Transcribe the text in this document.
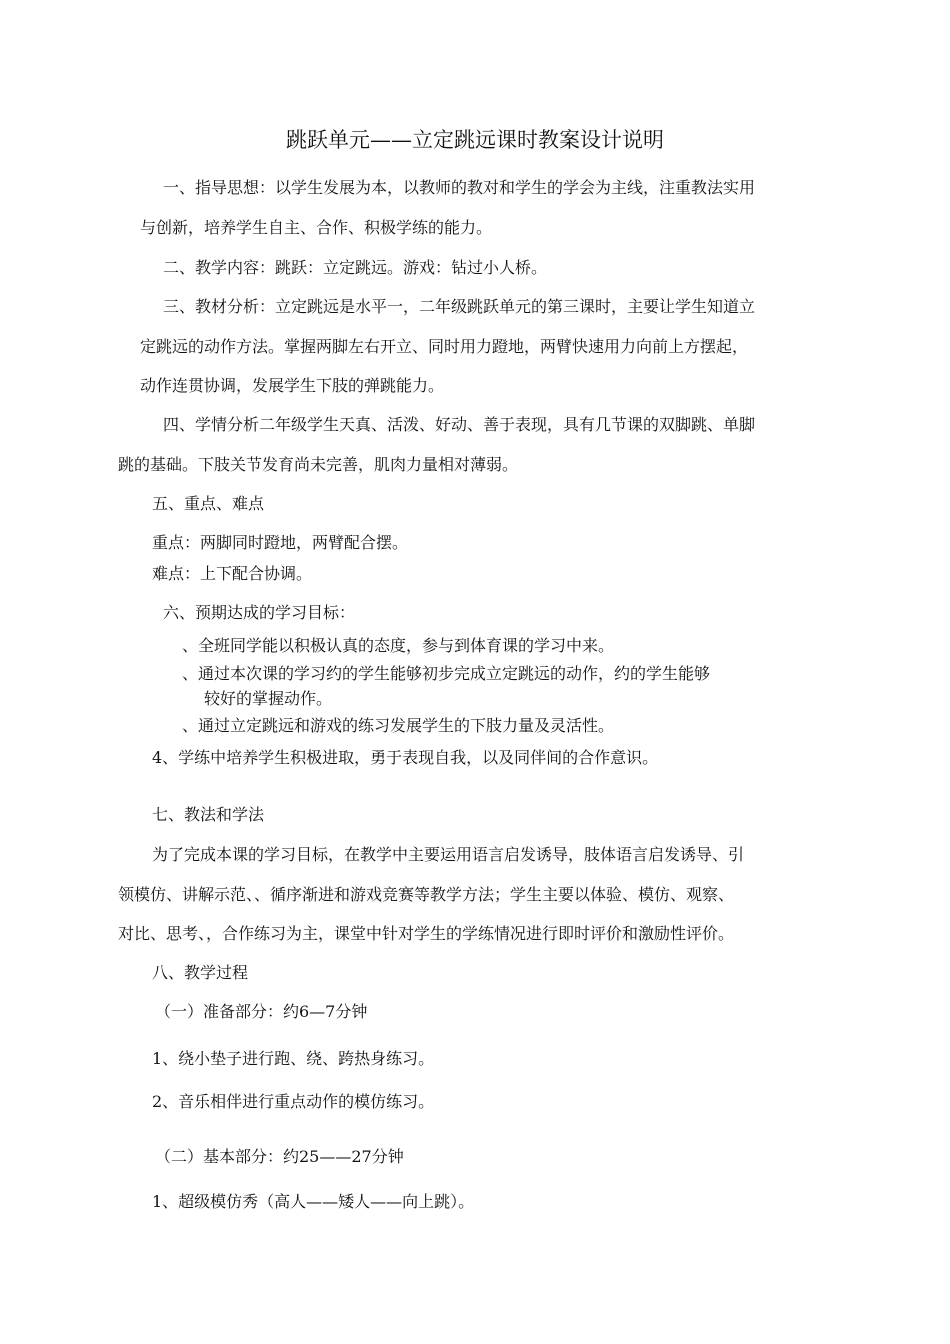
跳跃单元——立定跳远课时教案设计说明
一、指导思想：以学生发展为本，以教师的教对和学生的学会为主线，注重教法实用
与创新，培养学生自主、合作、积极学练的能力。
二、教学内容：跳跃：立定跳远。游戏：钻过小人桥。
三、教材分析：立定跳远是水平一，二年级跳跃单元的第三课时，主要让学生知道立
定跳远的动作方法。掌握两脚左右开立、同时用力蹬地，两臂快速用力向前上方摆起，
动作连贯协调，发展学生下肢的弹跳能力。
四、学情分析二年级学生天真、活泼、好动、善于表现，具有几节课的双脚跳、单脚
跳的基础。下肢关节发育尚未完善，肌肉力量相对薄弱。
五、重点、难点
重点：两脚同时蹬地，两臂配合摆。
难点：上下配合协调。
六、预期达成的学习目标：
、全班同学能以积极认真的态度，参与到体育课的学习中来。
、通过本次课的学习约的学生能够初步完成立定跳远的动作，约的学生能够
较好的掌握动作。
、通过立定跳远和游戏的练习发展学生的下肢力量及灵活性。
4、学练中培养学生积极进取，勇于表现自我，以及同伴间的合作意识。
七、教法和学法
为了完成本课的学习目标，在教学中主要运用语言启发诱导，肢体语言启发诱导、引
领模仿、讲解示范、、循序渐进和游戏竞赛等教学方法；学生主要以体验、模仿、观察、
对比、思考、，合作练习为主，课堂中针对学生的学练情况进行即时评价和激励性评价。
八、教学过程
（一）准备部分：约6—7分钟
1、绕小垫子进行跑、绕、跨热身练习。
2、音乐相伴进行重点动作的模仿练习。
（二）基本部分：约25——27分钟
1、超级模仿秀（高人——矮人——向上跳）。
